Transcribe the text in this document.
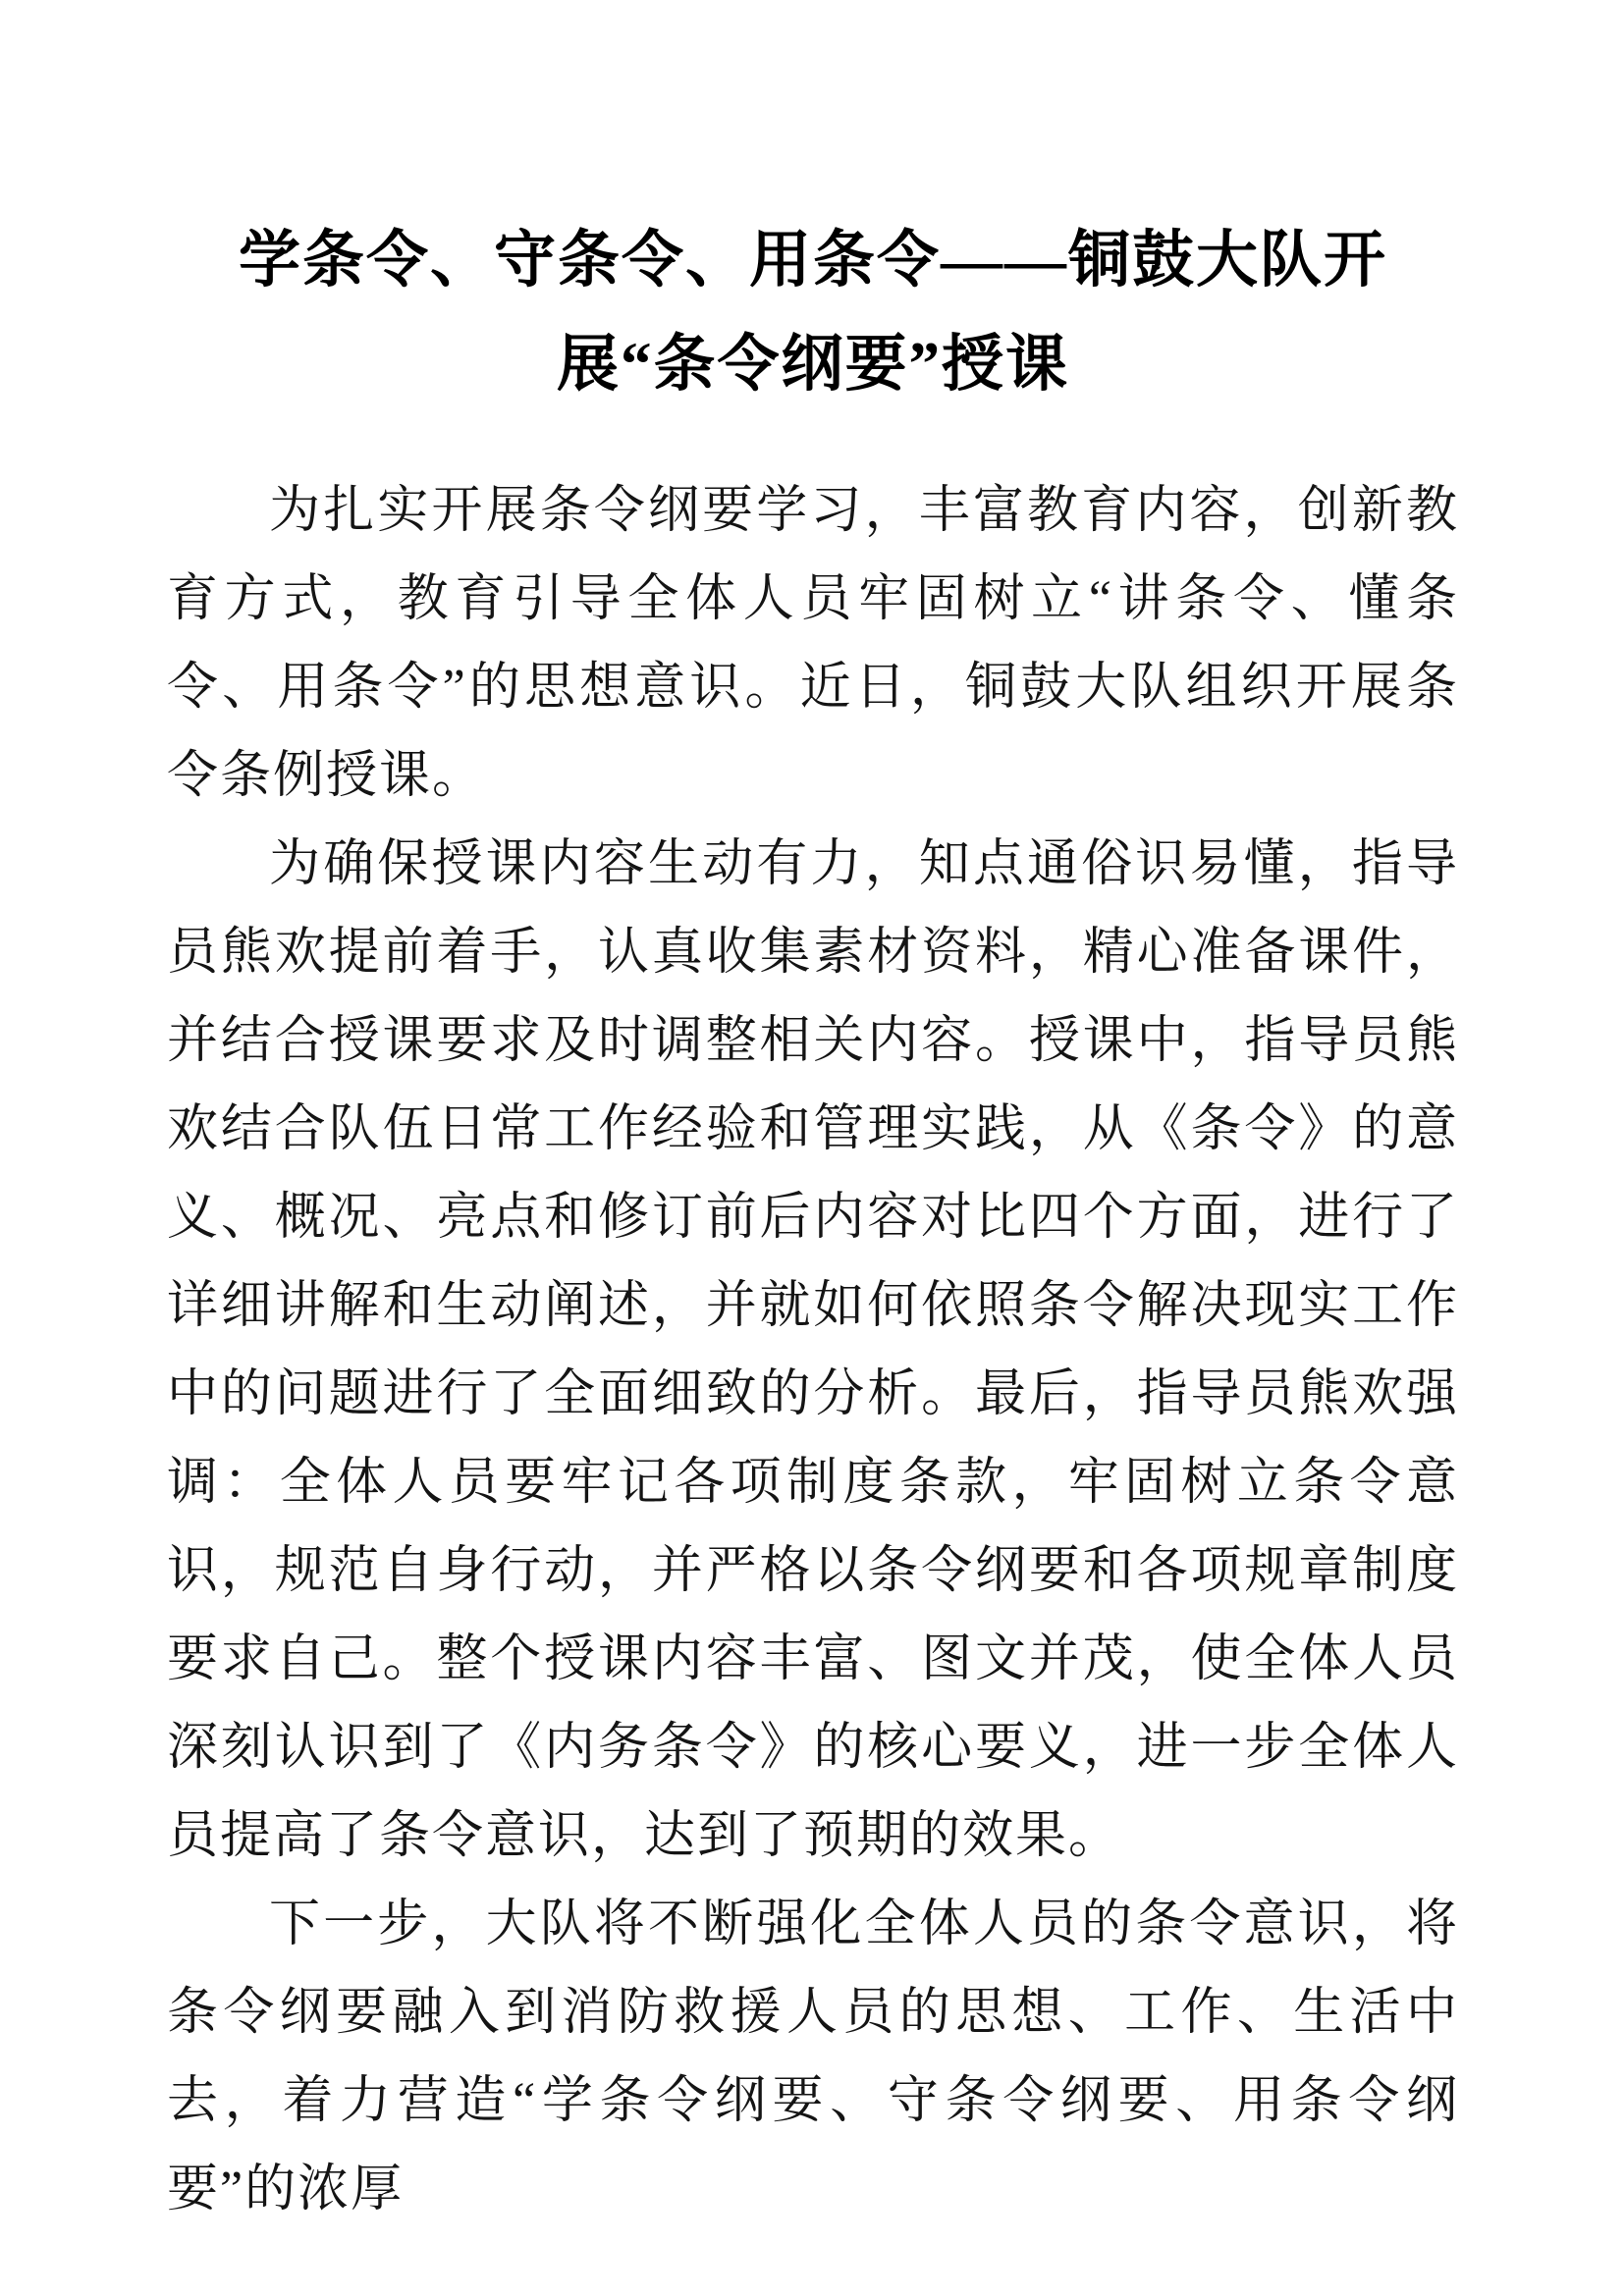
学条令、守条令、用条令——铜鼓大队开
展“条令纲要”授课

为扎实开展条令纲要学习，丰富教育内容，创新教育方式，教育引导全体人员牢固树立“讲条令、懂条令、用条令”的思想意识。近日，铜鼓大队组织开展条令条例授课。

为确保授课内容生动有力，知点通俗识易懂，指导员熊欢提前着手，认真收集素材资料，精心准备课件，并结合授课要求及时调整相关内容。授课中，指导员熊欢结合队伍日常工作经验和管理实践，从《条令》的意义、概况、亮点和修订前后内容对比四个方面，进行了详细讲解和生动阐述，并就如何依照条令解决现实工作中的问题进行了全面细致的分析。最后，指导员熊欢强调：全体人员要牢记各项制度条款，牢固树立条令意识，规范自身行动，并严格以条令纲要和各项规章制度要求自己。整个授课内容丰富、图文并茂，使全体人员深刻认识到了《内务条令》的核心要义，进一步全体人员提高了条令意识，达到了预期的效果。

下一步，大队将不断强化全体人员的条令意识，将条令纲要融入到消防救援人员的思想、工作、生活中去，着力营造“学条令纲要、守条令纲要、用条令纲要”的浓厚
